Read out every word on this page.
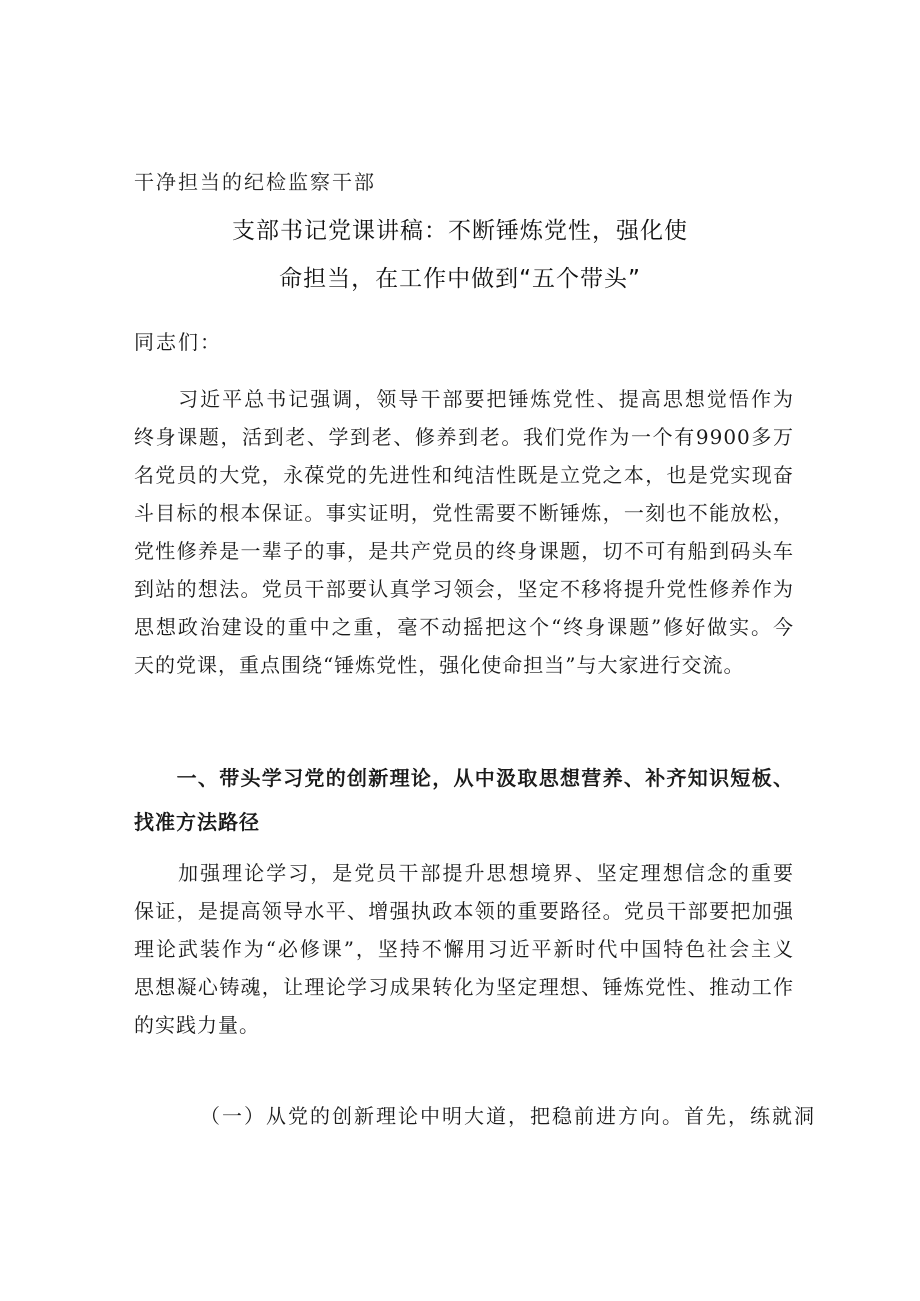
干净担当的纪检监察干部
支部书记党课讲稿：不断锤炼党性，强化使
命担当，在工作中做到“五个带头”
同志们：
　　习近平总书记强调，领导干部要把锤炼党性、提高思想觉悟作为
终身课题，活到老、学到老、修养到老。我们党作为一个有9900多万
名党员的大党，永葆党的先进性和纯洁性既是立党之本，也是党实现奋
斗目标的根本保证。事实证明，党性需要不断锤炼，一刻也不能放松，
党性修养是一辈子的事，是共产党员的终身课题，切不可有船到码头车
到站的想法。党员干部要认真学习领会，坚定不移将提升党性修养作为
思想政治建设的重中之重，毫不动摇把这个“终身课题”修好做实。今
天的党课，重点围绕“锤炼党性，强化使命担当”与大家进行交流。
　　一、带头学习党的创新理论，从中汲取思想营养、补齐知识短板、
找准方法路径
　　加强理论学习，是党员干部提升思想境界、坚定理想信念的重要
保证，是提高领导水平、增强执政本领的重要路径。党员干部要把加强
理论武装作为“必修课”，坚持不懈用习近平新时代中国特色社会主义
思想凝心铸魂，让理论学习成果转化为坚定理想、锤炼党性、推动工作
的实践力量。
（一）从党的创新理论中明大道，把稳前进方向。首先，练就洞
